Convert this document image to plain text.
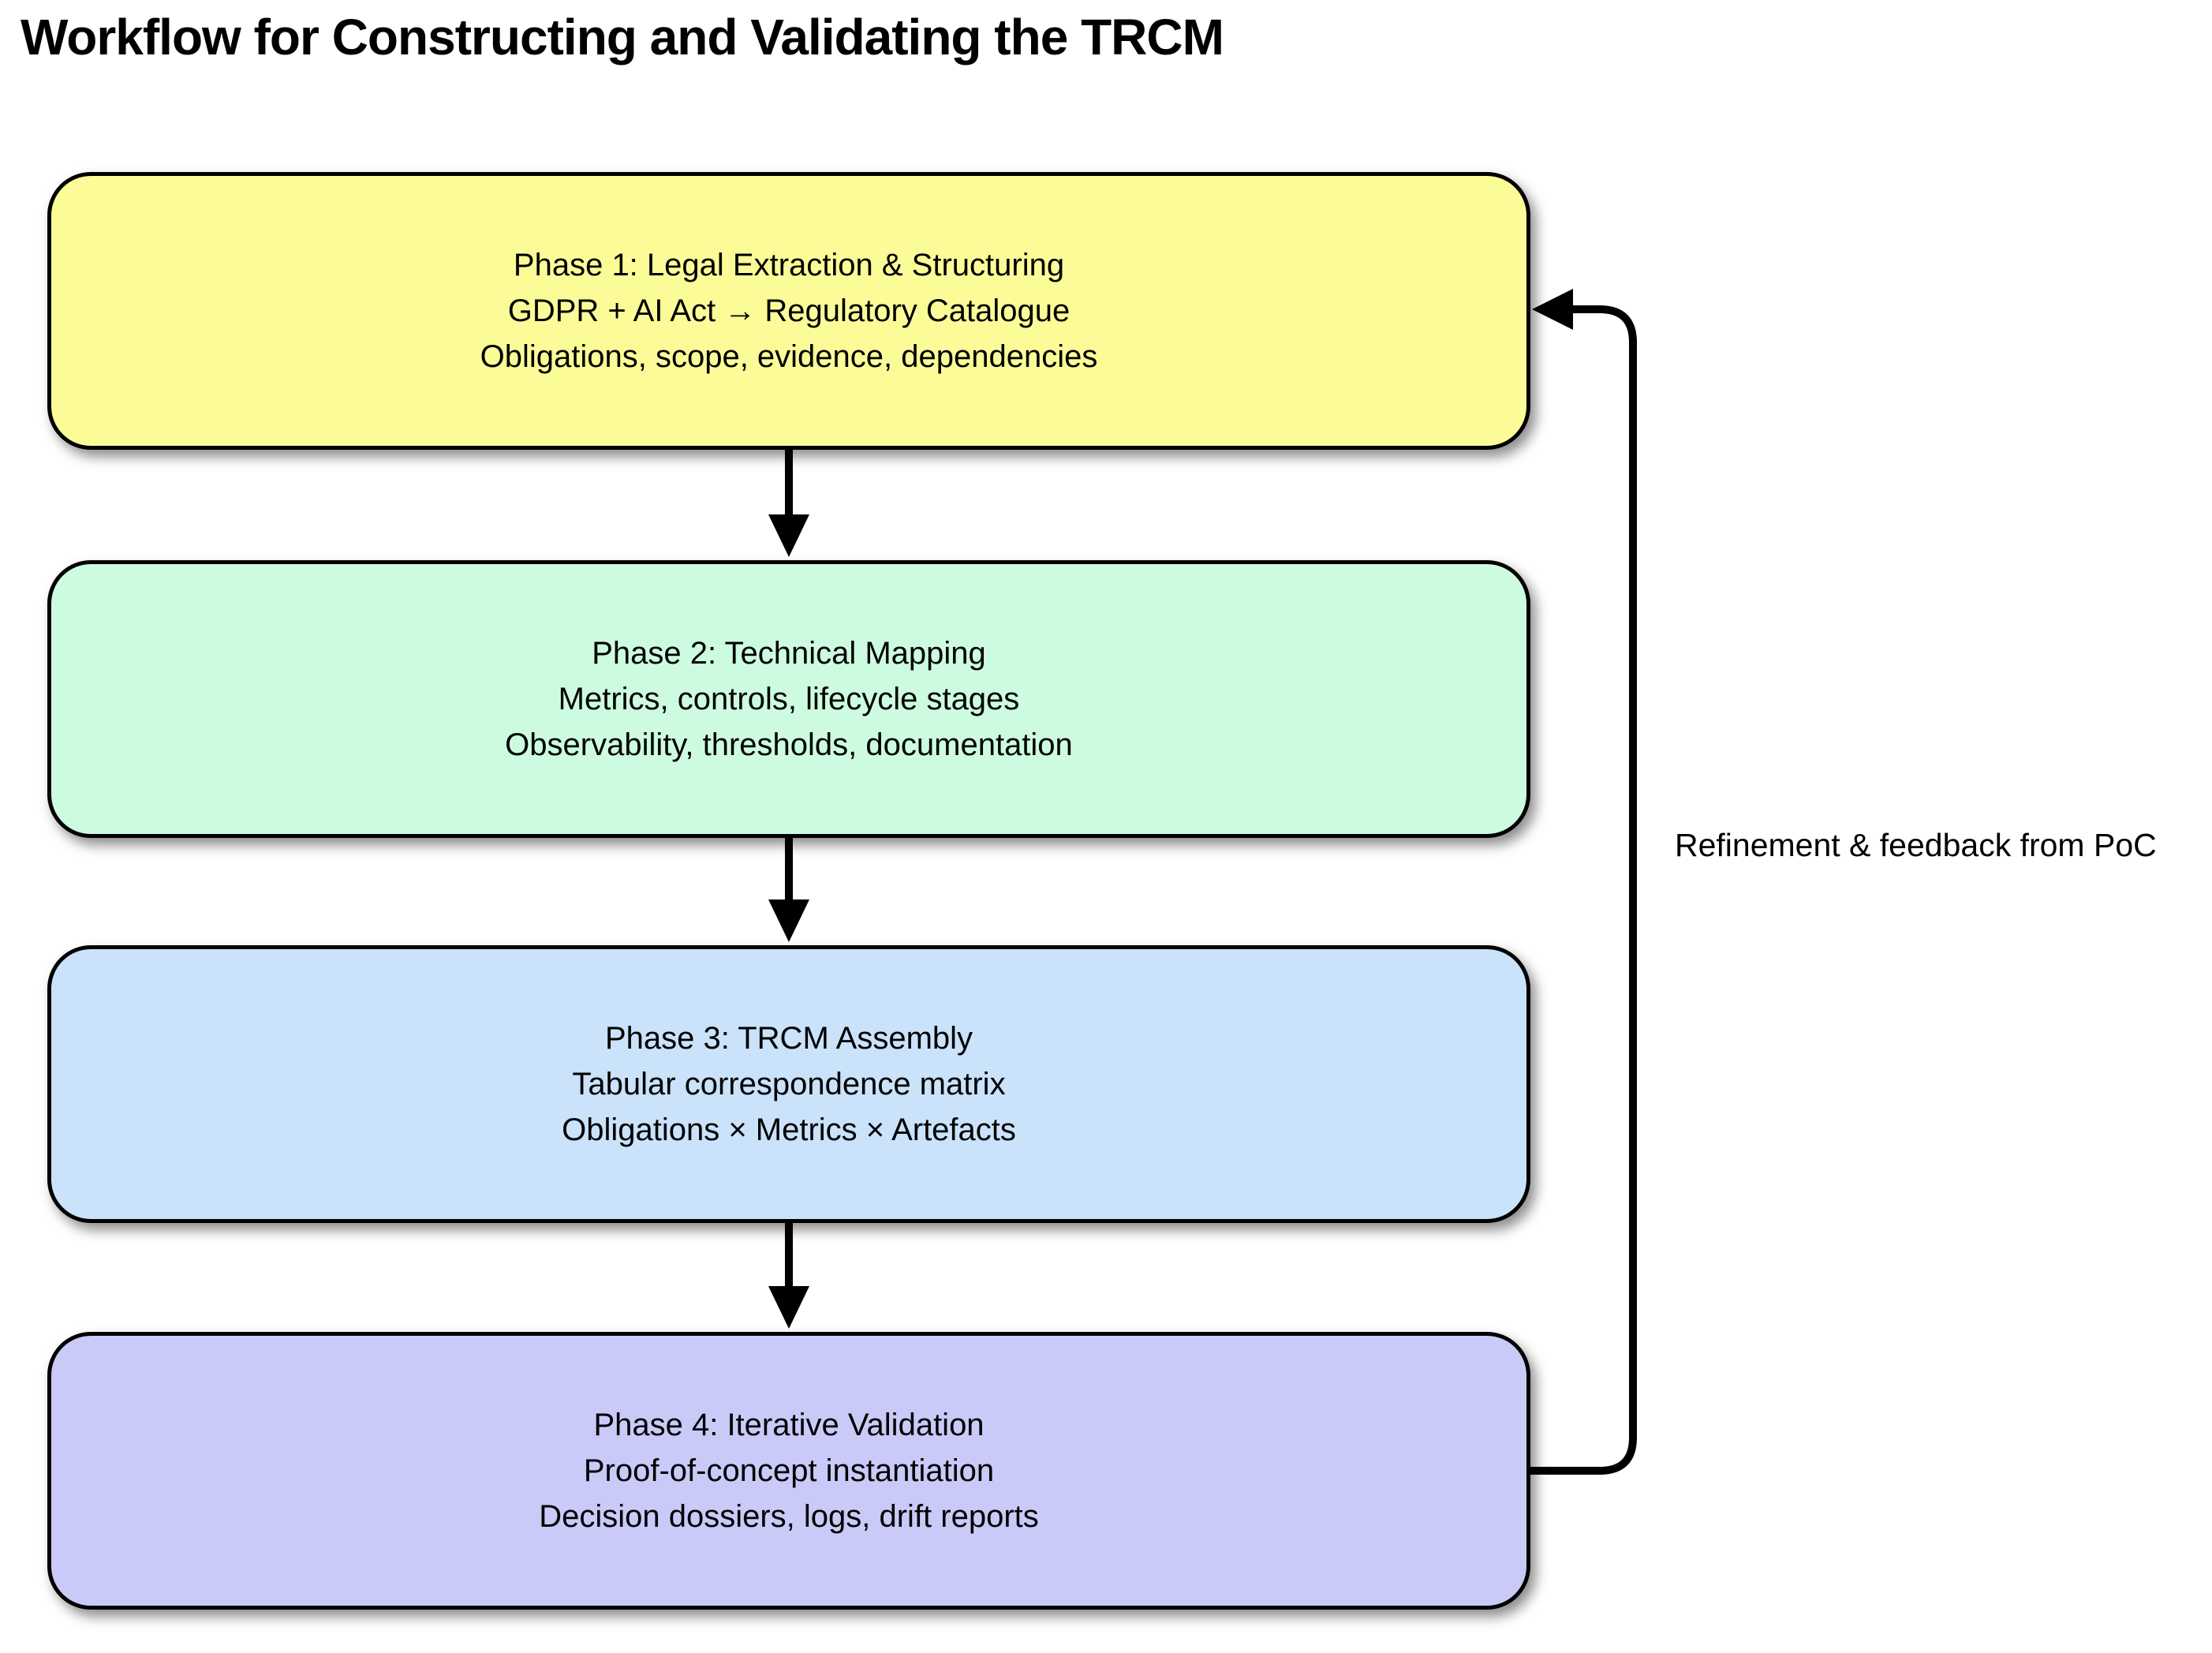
Workflow for Constructing and Validating the TRCM
Phase 1: Legal Extraction & Structuring
GDPR + AI Act → Regulatory Catalogue
Obligations, scope, evidence, dependencies
Phase 2: Technical Mapping
Metrics, controls, lifecycle stages
Observability, thresholds, documentation
Phase 3: TRCM Assembly
Tabular correspondence matrix
Obligations × Metrics × Artefacts
Phase 4: Iterative Validation
Proof-of-concept instantiation
Decision dossiers, logs, drift reports
Refinement & feedback from PoC
